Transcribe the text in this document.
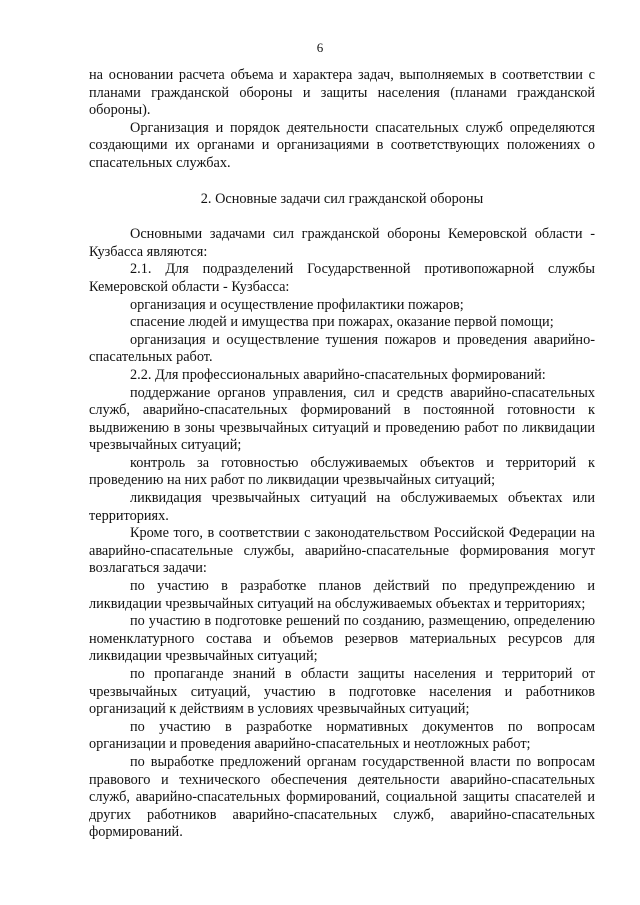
6

на основании расчета объема и характера задач, выполняемых в соответствии с планами гражданской обороны и защиты населения (планами гражданской обороны).

Организация и порядок деятельности спасательных служб определяются создающими их органами и организациями в соответствующих положениях о спасательных службах.

2. Основные задачи сил гражданской обороны

Основными задачами сил гражданской обороны Кемеровской области - Кузбасса являются:

2.1. Для подразделений Государственной противопожарной службы Кемеровской области - Кузбасса:

организация и осуществление профилактики пожаров;

спасение людей и имущества при пожарах, оказание первой помощи;

организация и осуществление тушения пожаров и проведения аварийно-спасательных работ.

2.2. Для профессиональных аварийно-спасательных формирований:

поддержание органов управления, сил и средств аварийно-спасательных служб, аварийно-спасательных формирований в постоянной готовности к выдвижению в зоны чрезвычайных ситуаций и проведению работ по ликвидации чрезвычайных ситуаций;

контроль за готовностью обслуживаемых объектов и территорий к проведению на них работ по ликвидации чрезвычайных ситуаций;

ликвидация чрезвычайных ситуаций на обслуживаемых объектах или территориях.

Кроме того, в соответствии с законодательством Российской Федерации на аварийно-спасательные службы, аварийно-спасательные формирования могут возлагаться задачи:

по участию в разработке планов действий по предупреждению и ликвидации чрезвычайных ситуаций на обслуживаемых объектах и территориях;

по участию в подготовке решений по созданию, размещению, определению номенклатурного состава и объемов резервов материальных ресурсов для ликвидации чрезвычайных ситуаций;

по пропаганде знаний в области защиты населения и территорий от чрезвычайных ситуаций, участию в подготовке населения и работников организаций к действиям в условиях чрезвычайных ситуаций;

по участию в разработке нормативных документов по вопросам организации и проведения аварийно-спасательных и неотложных работ;

по выработке предложений органам государственной власти по вопросам правового и технического обеспечения деятельности аварийно-спасательных служб, аварийно-спасательных формирований, социальной защиты спасателей и других работников аварийно-спасательных служб, аварийно-спасательных формирований.
